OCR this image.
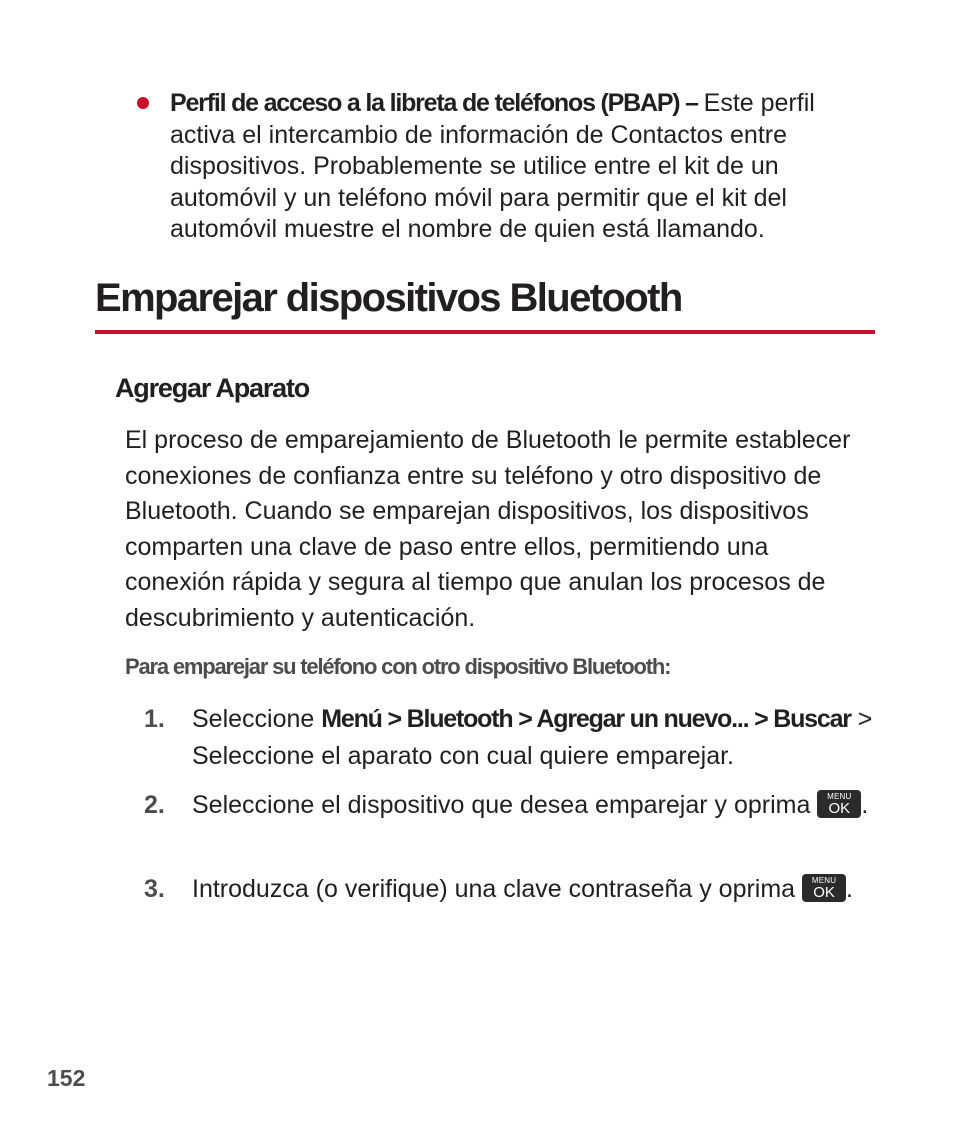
Perfil de acceso a la libreta de teléfonos (PBAP) – Este perfil activa el intercambio de información de Contactos entre dispositivos. Probablemente se utilice entre el kit de un automóvil y un teléfono móvil para permitir que el kit del automóvil muestre el nombre de quien está llamando.
Emparejar dispositivos Bluetooth
Agregar Aparato

El proceso de emparejamiento de Bluetooth le permite establecer conexiones de confianza entre su teléfono y otro dispositivo de Bluetooth. Cuando se emparejan dispositivos, los dispositivos comparten una clave de paso entre ellos, permitiendo una conexión rápida y segura al tiempo que anulan los procesos de descubrimiento y autenticación.

Para emparejar su teléfono con otro dispositivo Bluetooth:

1. Seleccione Menú > Bluetooth > Agregar un nuevo... > Buscar > Seleccione el aparato con cual quiere emparejar.
2. Seleccione el dispositivo que desea emparejar y oprima	MENU
OK .
3. Introduzca (o verifique) una clave contraseña y oprima	MENU
OK .
152
